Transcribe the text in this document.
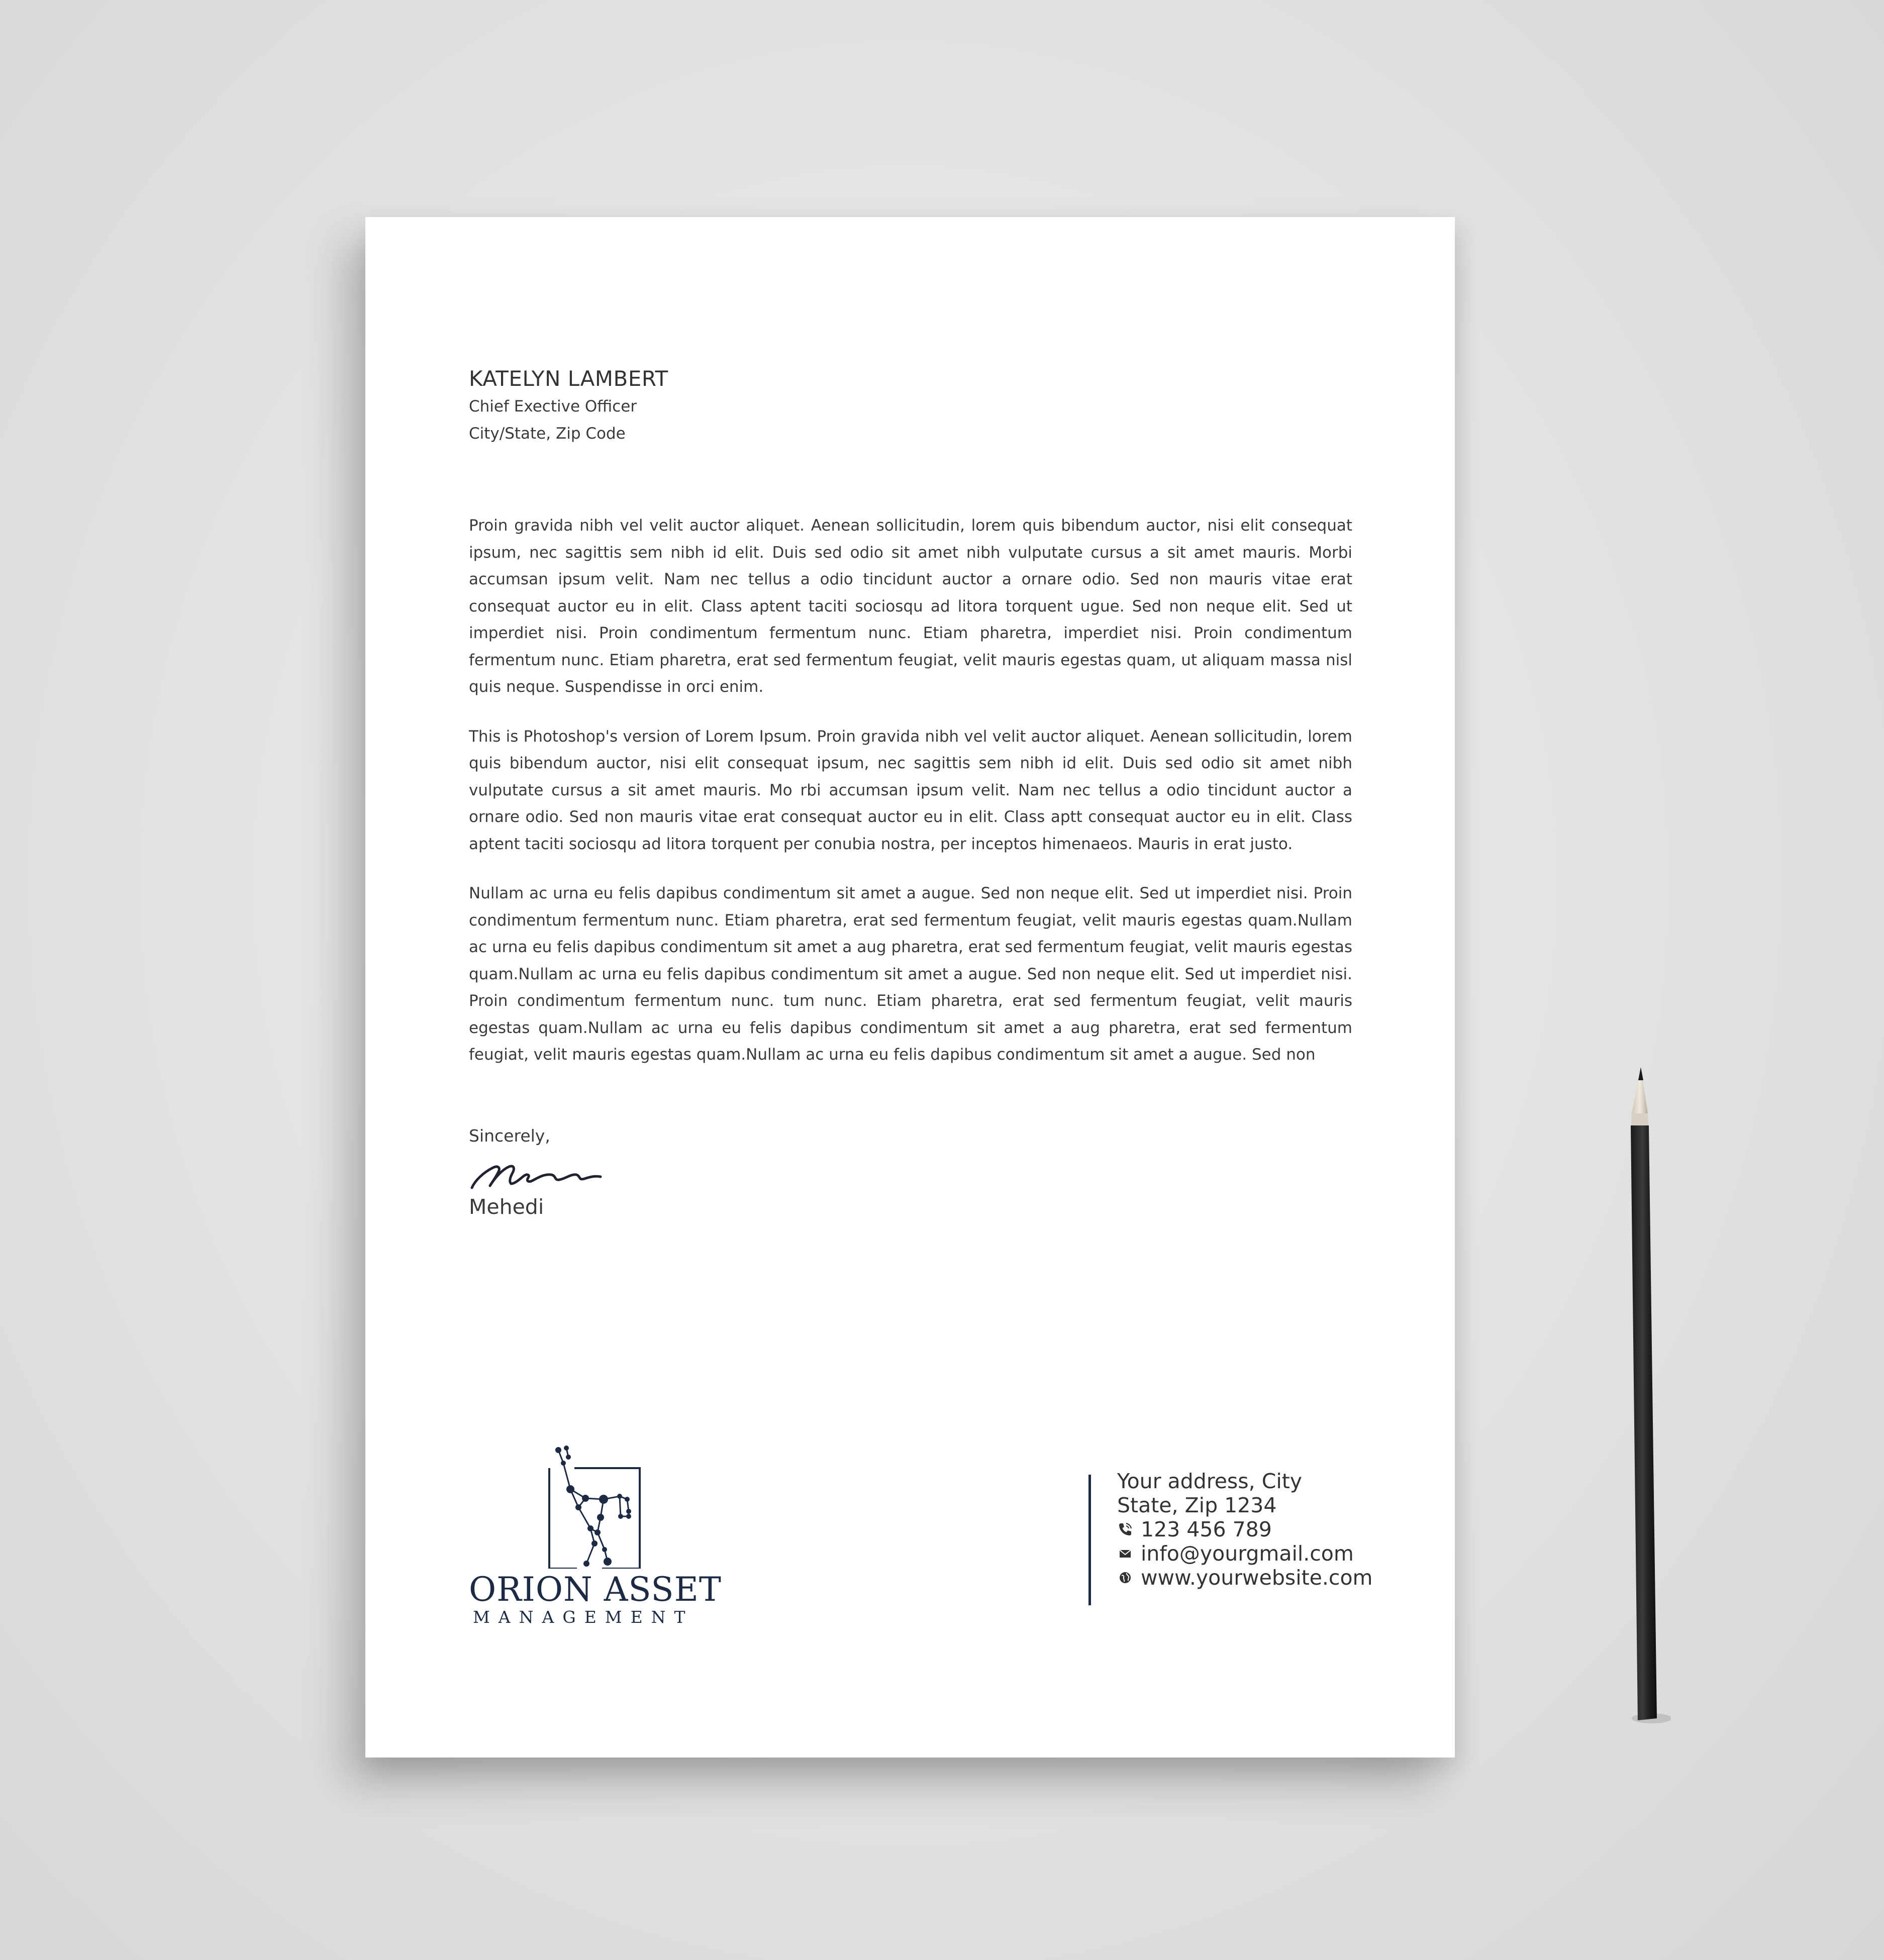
KATELYN LAMBERT
Chief Exective Officer
City/State, Zip Code

Proin gravida nibh vel velit auctor aliquet. Aenean sollicitudin, lorem quis bibendum auctor, nisi elit consequat ipsum, nec sagittis sem nibh id elit. Duis sed odio sit amet nibh vulputate cursus a sit amet mauris. Morbi accumsan ipsum velit. Nam nec tellus a odio tincidunt auctor a ornare odio. Sed non mauris vitae erat consequat auctor eu in elit. Class aptent taciti sociosqu ad litora torquent ugue. Sed non neque elit. Sed ut imperdiet nisi. Proin condimentum fermentum nunc. Etiam pharetra, imperdiet nisi. Proin condimentum fermentum nunc. Etiam pharetra, erat sed fermentum feugiat, velit mauris egestas quam, ut aliquam massa nisl quis neque. Suspendisse in orci enim.

This is Photoshop's version of Lorem Ipsum. Proin gravida nibh vel velit auctor aliquet. Aenean sollicitudin, lorem quis bibendum auctor, nisi elit consequat ipsum, nec sagittis sem nibh id elit. Duis sed odio sit amet nibh vulputate cursus a sit amet mauris. Mo rbi accumsan ipsum velit. Nam nec tellus a odio tincidunt auctor a ornare odio. Sed non mauris vitae erat consequat auctor eu in elit. Class aptt consequat auctor eu in elit. Class aptent taciti sociosqu ad litora torquent per conubia nostra, per inceptos himenaeos. Mauris in erat justo.

Nullam ac urna eu felis dapibus condimentum sit amet a augue. Sed non neque elit. Sed ut imperdiet nisi. Proin condimentum fermentum nunc. Etiam pharetra, erat sed fermentum feugiat, velit mauris egestas quam.Nullam ac urna eu felis dapibus condimentum sit amet a aug pharetra, erat sed fermentum feugiat, velit mauris egestas quam.Nullam ac urna eu felis dapibus condimentum sit amet a augue. Sed non neque elit. Sed ut imperdiet nisi. Proin condimentum fermentum nunc. tum nunc. Etiam pharetra, erat sed fermentum feugiat, velit mauris egestas quam.Nullam ac urna eu felis dapibus condimentum sit amet a aug pharetra, erat sed fermentum feugiat, velit mauris egestas quam.Nullam ac urna eu felis dapibus condimentum sit amet a augue. Sed non

Sincerely,
Mehedi
ORION ASSET
MANAGEMENT
Your address, City
State, Zip 1234
123 456 789
info@yourgmail.com
www.yourwebsite.com
